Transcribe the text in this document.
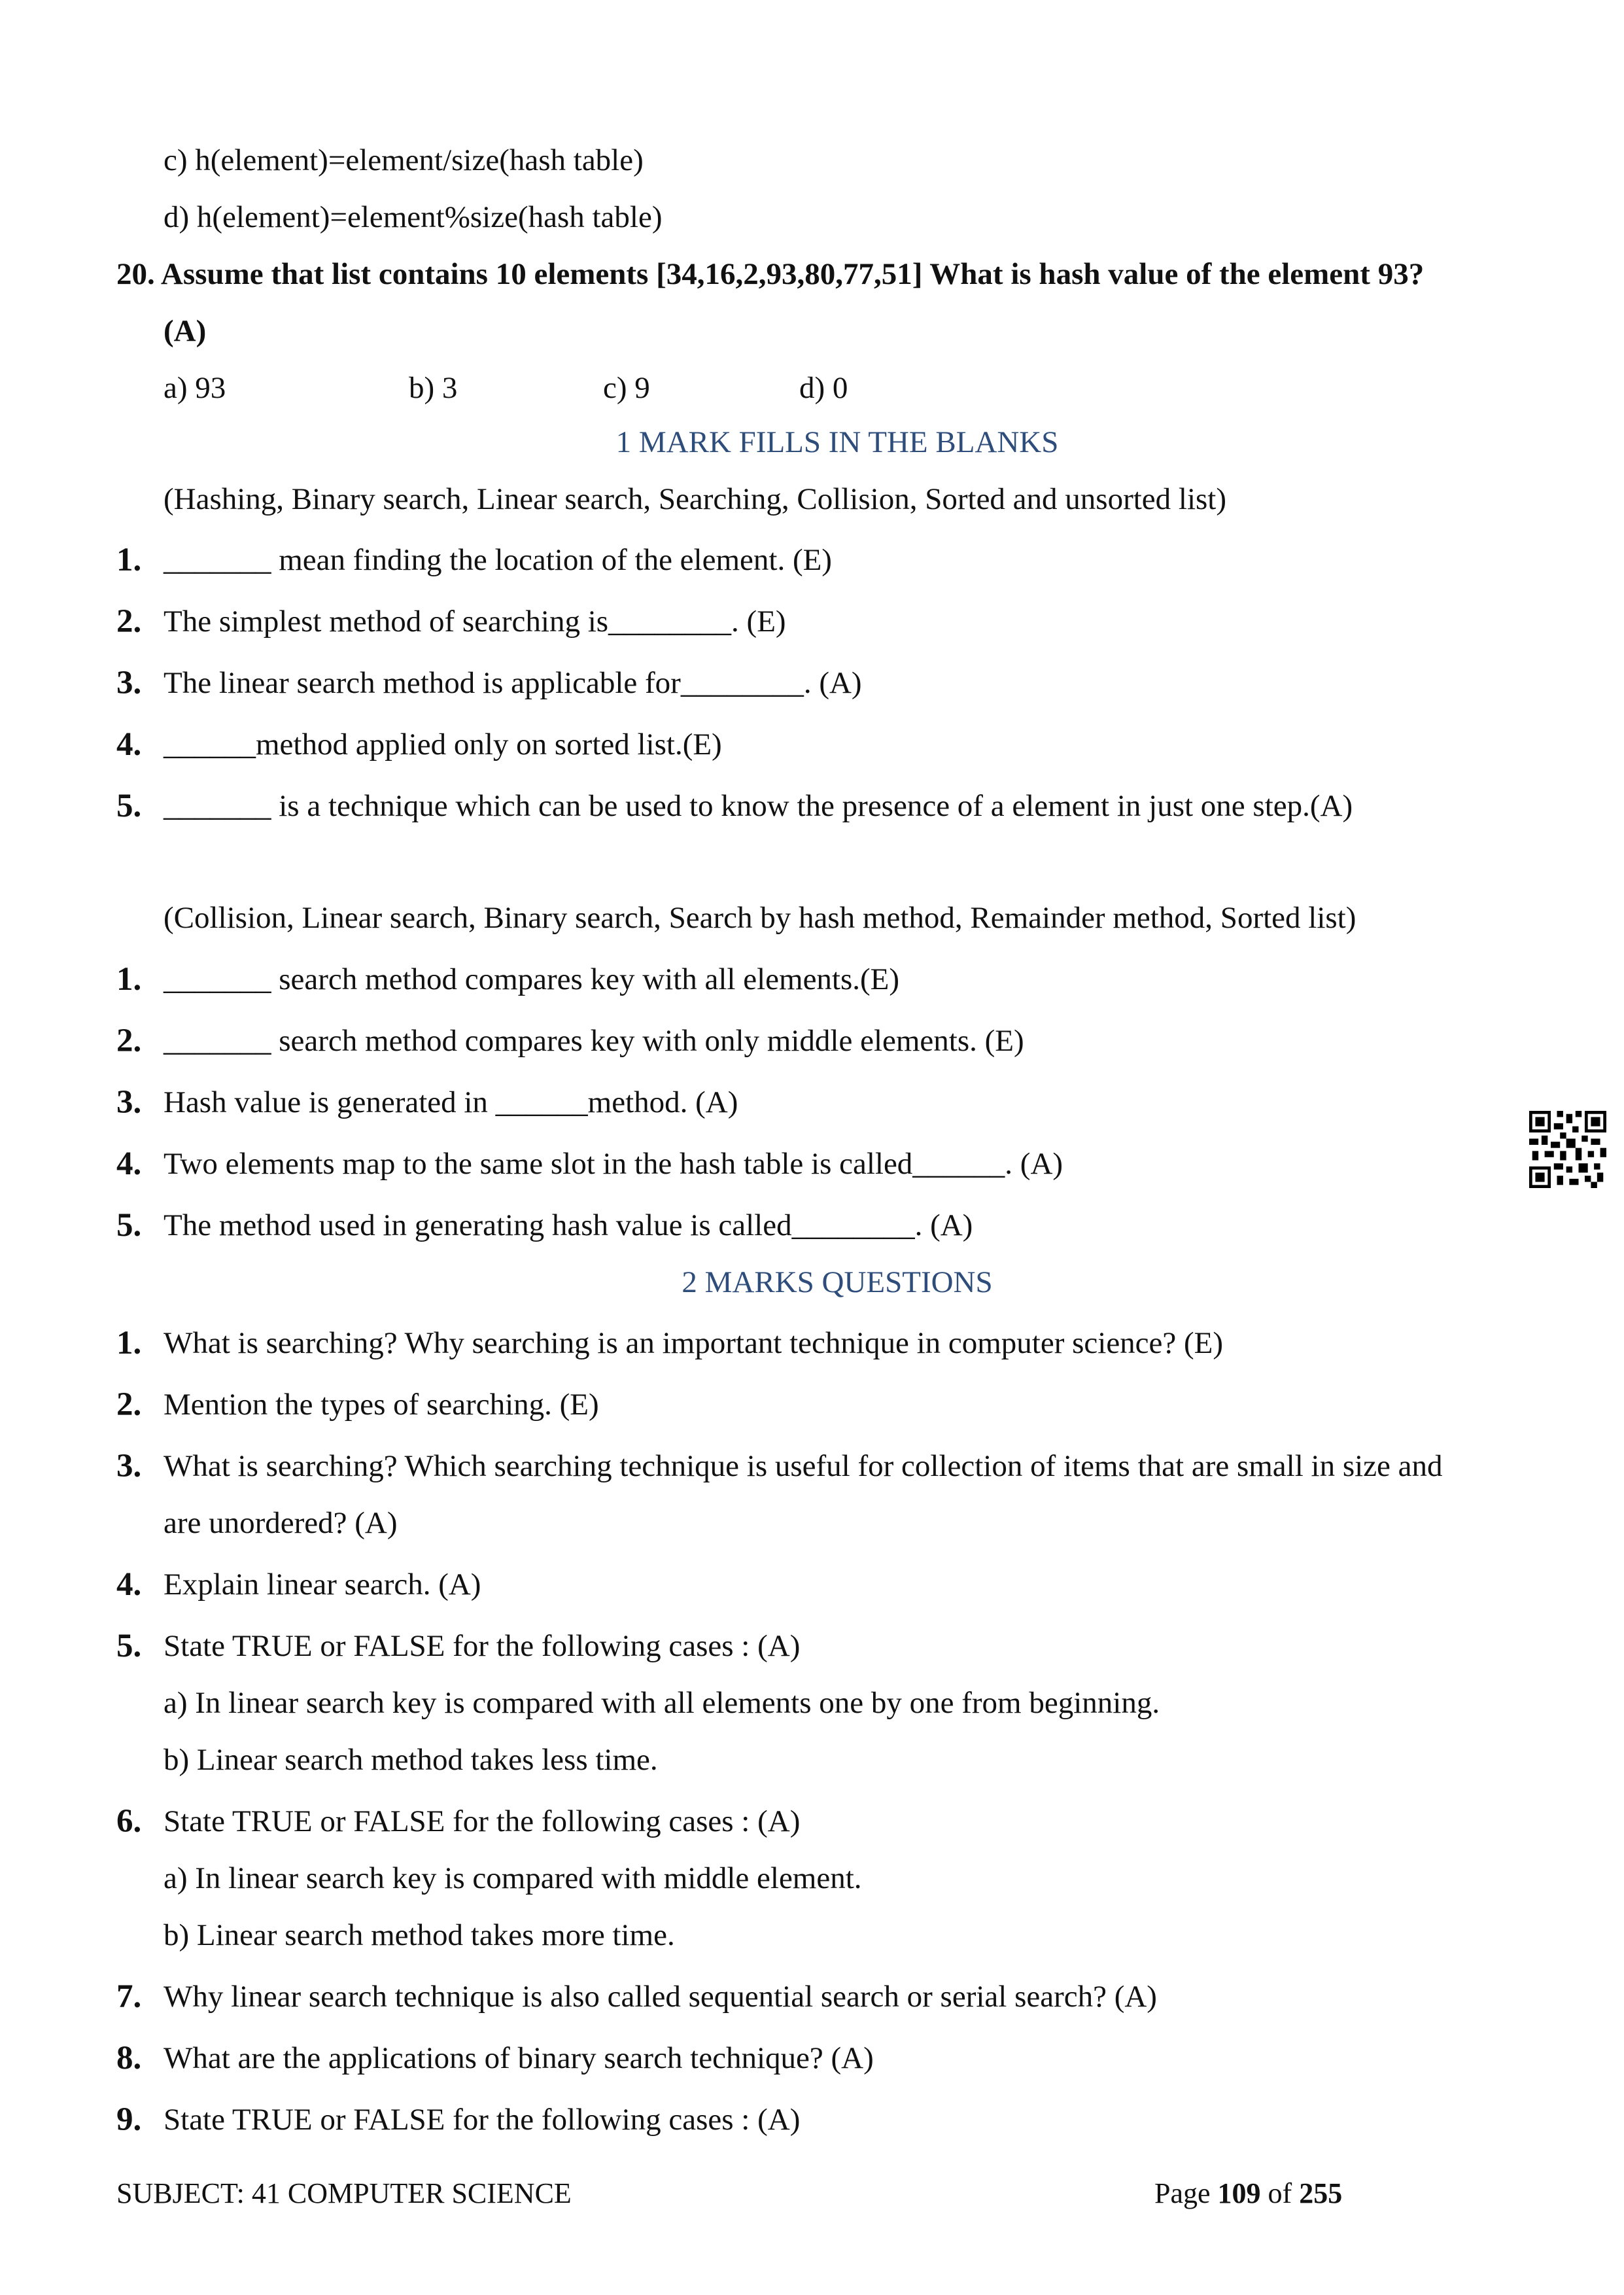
c) h(element)=element/size(hash table)
d) h(element)=element%size(hash table)
20. Assume that list contains 10 elements [34,16,2,93,80,77,51] What is hash value of the element 93?
(A)
a) 93	b) 3	c) 9	d) 0
1 MARK FILLS IN THE BLANKS
(Hashing, Binary search, Linear search, Searching, Collision, Sorted and unsorted list)
1. _______ mean finding the location of the element. (E)
2. The simplest method of searching is________. (E)
3. The linear search method is applicable for________. (A)
4. ______method applied only on sorted list.(E)
5. _______ is a technique which can be used to know the presence of a element in just one step.(A)
(Collision, Linear search, Binary search, Search by hash method, Remainder method, Sorted list)
1. _______ search method compares key with all elements.(E)
2. _______ search method compares key with only middle elements. (E)
3. Hash value is generated in ______method. (A)
4. Two elements map to the same slot in the hash table is called______. (A)
5. The method used in generating hash value is called________. (A)
2 MARKS QUESTIONS
1. What is searching? Why searching is an important technique in computer science? (E)
2. Mention the types of searching. (E)
3. What is searching? Which searching technique is useful for collection of items that are small in size and
are unordered? (A)
4. Explain linear search. (A)
5. State TRUE or FALSE for the following cases : (A)
a) In linear search key is compared with all elements one by one from beginning.
b) Linear search method takes less time.
6. State TRUE or FALSE for the following cases : (A)
a) In linear search key is compared with middle element.
b) Linear search method takes more time.
7. Why linear search technique is also called sequential search or serial search? (A)
8. What are the applications of binary search technique? (A)
9. State TRUE or FALSE for the following cases : (A)
SUBJECT: 41 COMPUTER SCIENCE	Page 109 of 255
